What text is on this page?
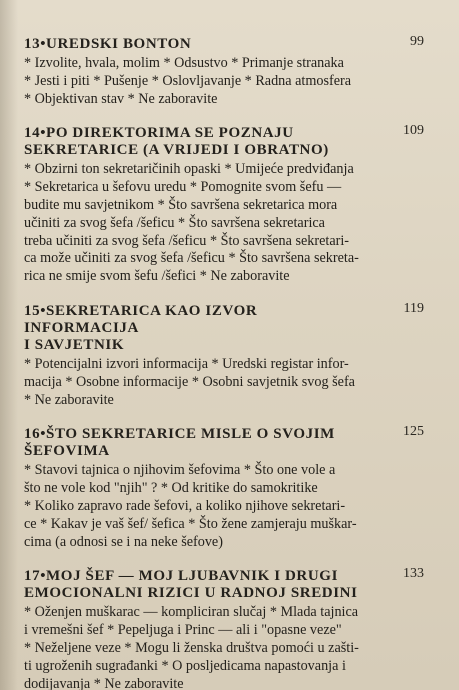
13•UREDSKI BONTON	99
* Izvolite, hvala, molim * Odsustvo * Primanje stranaka
* Jesti i piti * Pušenje * Oslovljavanje * Radna atmosfera
* Objektivan stav * Ne zaboravite
14•PO DIREKTORIMA SE POZNAJU
SEKRETARICE (A VRIJEDI I OBRATNO)
109
* Obzirni ton sekretaričinih opaski * Umijeće predviđanja
* Sekretarica u šefovu uredu * Pomognite svom šefu —
budite mu savjetnikom * Što savršena sekretarica mora
učiniti za svog šefa /šeficu * Što savršena sekretarica
treba učiniti za svog šefa /šeficu * Što savršena sekretari-
ca može učiniti za svog šefa /šeficu * Što savršena sekreta-
rica ne smije svom šefu /šefici * Ne zaboravite
15•SEKRETARICA KAO IZVOR INFORMACIJA
I SAVJETNIK
119
* Potencijalni izvori informacija * Uredski registar infor-
macija * Osobne informacije * Osobni savjetnik svog šefa
* Ne zaboravite
16•ŠTO SEKRETARICE MISLE O SVOJIM
ŠEFOVIMA
125
* Stavovi tajnica o njihovim šefovima * Što one vole a
što ne vole kod "njih" ? * Od kritike do samokritike
* Koliko zapravo rade šefovi, a koliko njihove sekretari-
ce * Kakav je vaš šef/ šefica * Što žene zamjeraju muškar-
cima (a odnosi se i na neke šefove)
17•MOJ ŠEF — MOJ LJUBAVNIK I DRUGI
EMOCIONALNI RIZICI U RADNOJ SREDINI
133
* Oženjen muškarac — kompliciran slučaj * Mlada tajnica
i vremešni šef * Pepeljuga i Princ — ali i "opasne veze"
* Neželjene veze * Mogu li ženska društva pomoći u zašti-
ti ugroženih sugrađanki * O posljedicama napastovanja i
dodijavanja * Ne zaboravite
